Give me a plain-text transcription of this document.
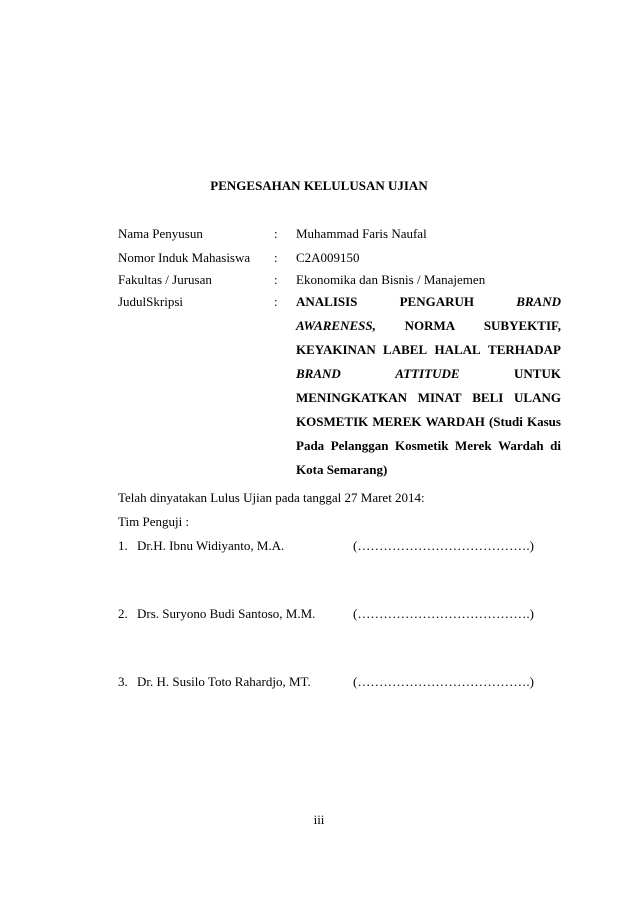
PENGESAHAN KELULUSAN UJIAN
Nama Penyusun	: Muhammad Faris Naufal
Nomor Induk Mahasiswa : C2A009150
Fakultas / Jurusan	: Ekonomika dan Bisnis / Manajemen
JudulSkripsi	: ANALISIS	PENGARUH	BRAND
AWARENESS, NORMA SUBYEKTIF,
KEYAKINAN LABEL HALAL TERHADAP
BRAND	ATTITUDE	UNTUK
MENINGKATKAN MINAT BELI ULANG
KOSMETIK MEREK WARDAH (Studi Kasus
Pada Pelanggan Kosmetik Merek Wardah di
Kota Semarang)
Telah dinyatakan Lulus Ujian pada tanggal 27 Maret 2014:
Tim Penguji :
1. Dr.H. Ibnu Widiyanto, M.A.	(………………………………….)
2. Drs. Suryono Budi Santoso, M.M.	(………………………………….)
3. Dr. H. Susilo Toto Rahardjo, MT.	(………………………………….)
iii
